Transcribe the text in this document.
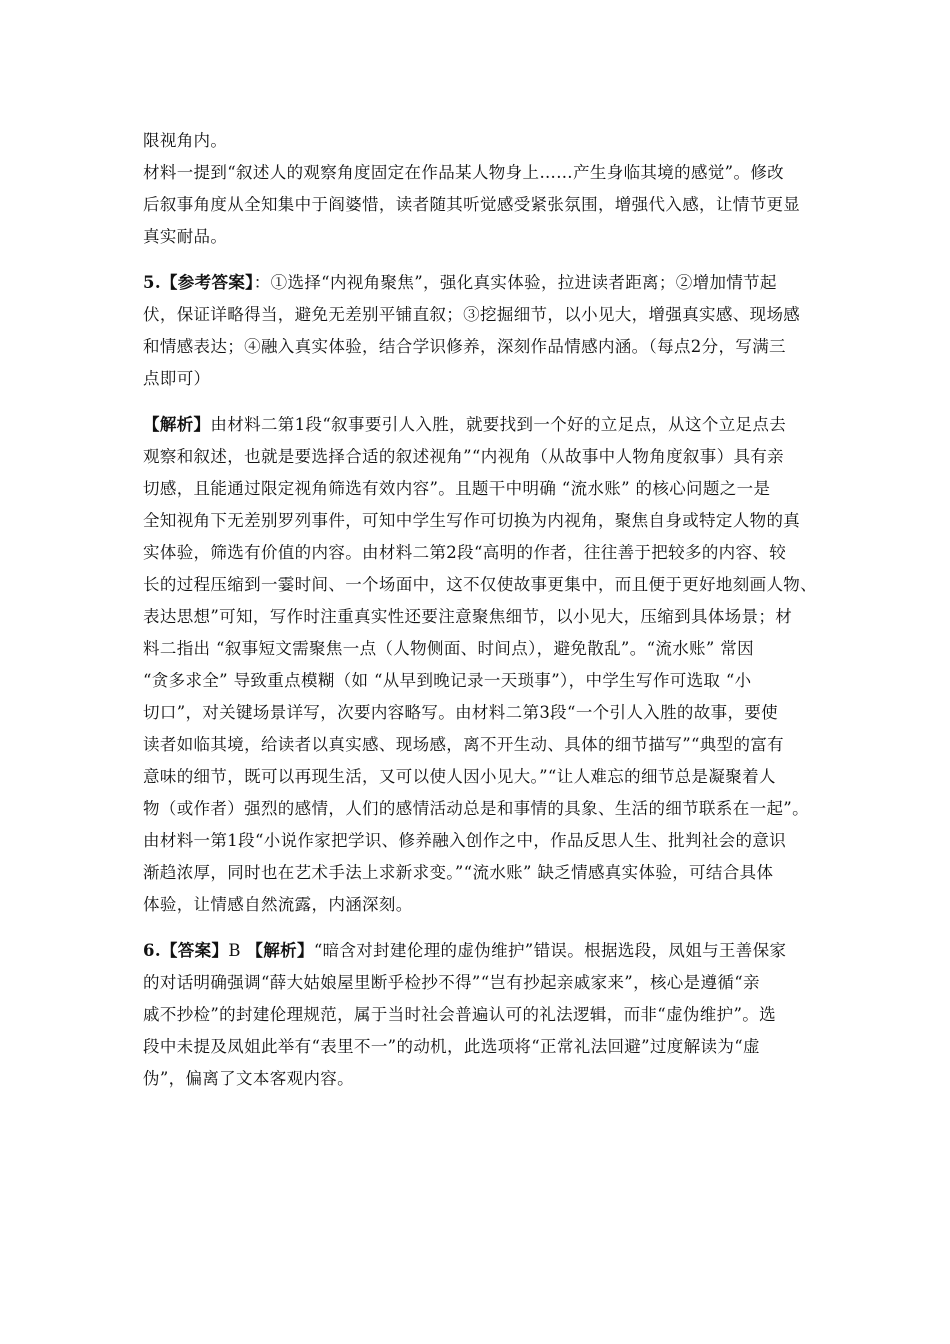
限视角内。
材料一提到“叙述人的观察角度固定在作品某人物身上……产生身临其境的感觉”。修改
后叙事角度从全知集中于阎婆惜，读者随其听觉感受紧张氛围，增强代入感，让情节更显
真实耐品。
5.【参考答案】：①选择“内视角聚焦”，强化真实体验，拉进读者距离；②增加情节起
伏，保证详略得当，避免无差别平铺直叙；③挖掘细节，以小见大，增强真实感、现场感
和情感表达；④融入真实体验，结合学识修养，深刻作品情感内涵。（每点2分，写满三
点即可）
【解析】由材料二第1段“叙事要引人入胜，就要找到一个好的立足点，从这个立足点去
观察和叙述，也就是要选择合适的叙述视角”“内视角（从故事中人物角度叙事）具有亲
切感，且能通过限定视角筛选有效内容”。且题干中明确 “流水账” 的核心问题之一是
全知视角下无差别罗列事件，可知中学生写作可切换为内视角，聚焦自身或特定人物的真
实体验，筛选有价值的内容。由材料二第2段“高明的作者，往往善于把较多的内容、较
长的过程压缩到一霎时间、一个场面中，这不仅使故事更集中，而且便于更好地刻画人物、
表达思想”可知，写作时注重真实性还要注意聚焦细节，以小见大，压缩到具体场景；材
料二指出 “叙事短文需聚焦一点（人物侧面、时间点），避免散乱”。“流水账” 常因
“贪多求全” 导致重点模糊（如 “从早到晚记录一天琐事”），中学生写作可选取 “小
切口”，对关键场景详写，次要内容略写。由材料二第3段“一个引人入胜的故事，要使
读者如临其境，给读者以真实感、现场感，离不开生动、具体的细节描写”“典型的富有
意味的细节，既可以再现生活，又可以使人因小见大。”“让人难忘的细节总是凝聚着人
物（或作者）强烈的感情，人们的感情活动总是和事情的具象、生活的细节联系在一起”。
由材料一第1段“小说作家把学识、修养融入创作之中，作品反思人生、批判社会的意识
渐趋浓厚，同时也在艺术手法上求新求变。”“流水账” 缺乏情感真实体验，可结合具体
体验，让情感自然流露，内涵深刻。
6.【答案】B 【解析】“暗含对封建伦理的虚伪维护”错误。根据选段，凤姐与王善保家
的对话明确强调“薛大姑娘屋里断乎检抄不得”“岂有抄起亲戚家来”，核心是遵循“亲
戚不抄检”的封建伦理规范，属于当时社会普遍认可的礼法逻辑，而非“虚伪维护”。选
段中未提及凤姐此举有“表里不一”的动机，此选项将“正常礼法回避”过度解读为“虚
伪”，偏离了文本客观内容。
